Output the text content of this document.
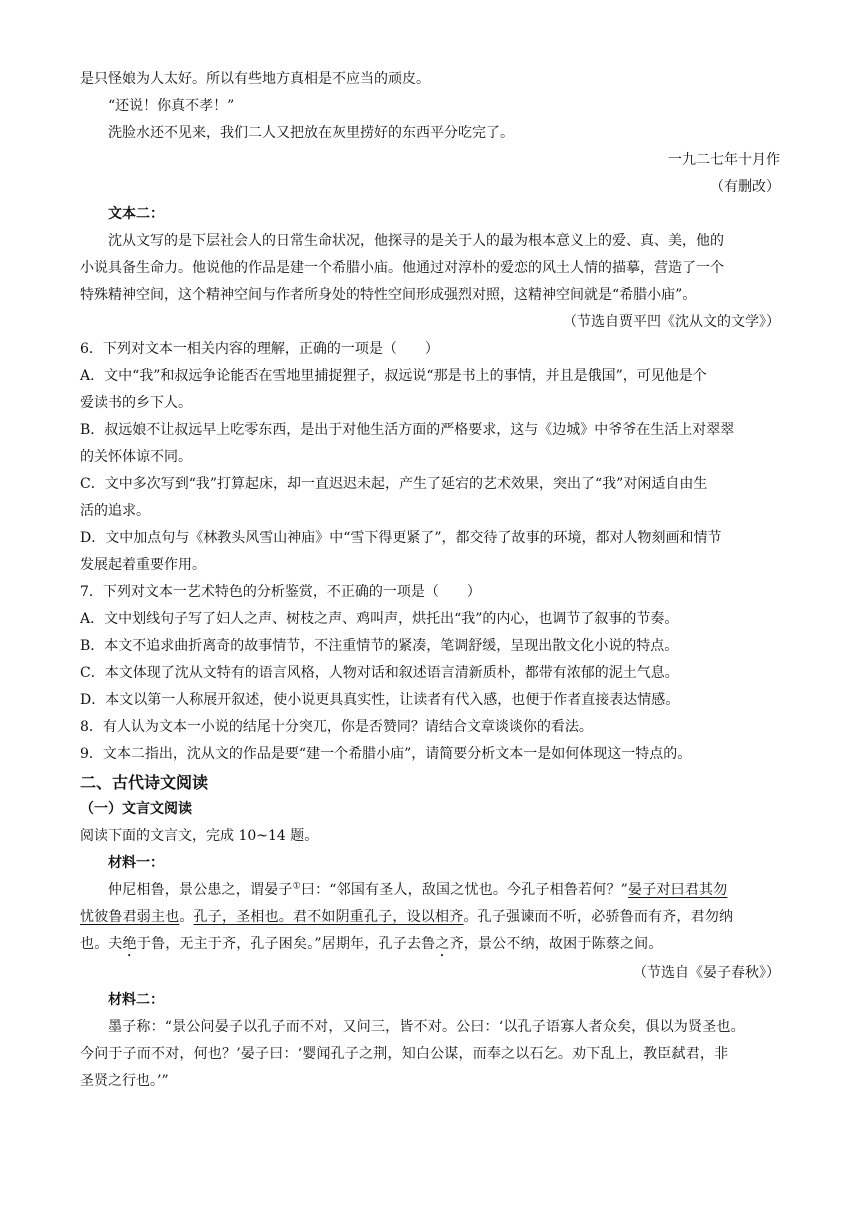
是只怪娘为人太好。所以有些地方真相是不应当的顽皮。

“还说！你真不孝！”

洗脸水还不见来，我们二人又把放在灰里捞好的东西平分吃完了。

一九二七年十月作

（有删改）

文本二：

沈从文写的是下层社会人的日常生命状况，他探寻的是关于人的最为根本意义上的爱、真、美，他的

小说具备生命力。他说他的作品是建一个希腊小庙。他通过对淳朴的爱恋的风土人情的描摹，营造了一个

特殊精神空间，这个精神空间与作者所身处的特性空间形成强烈对照，这精神空间就是“希腊小庙”。

（节选自贾平凹《沈从文的文学》）

6．下列对文本一相关内容的理解，正确的一项是（　　）

A．文中“我”和叔远争论能否在雪地里捕捉狸子，叔远说“那是书上的事情，并且是俄国”，可见他是个

爱读书的乡下人。

B．叔远娘不让叔远早上吃零东西，是出于对他生活方面的严格要求，这与《边城》中爷爷在生活上对翠翠

的关怀体谅不同。

C．文中多次写到“我”打算起床，却一直迟迟未起，产生了延宕的艺术效果，突出了“我”对闲适自由生

活的追求。

D．文中加点句与《林教头风雪山神庙》中“雪下得更紧了”，都交待了故事的环境，都对人物刻画和情节

发展起着重要作用。

7．下列对文本一艺术特色的分析鉴赏，不正确的一项是（　　）

A．文中划线句子写了妇人之声、树枝之声、鸡叫声，烘托出“我”的内心，也调节了叙事的节奏。

B．本文不追求曲折离奇的故事情节，不注重情节的紧凑，笔调舒缓，呈现出散文化小说的特点。

C．本文体现了沈从文特有的语言风格，人物对话和叙述语言清新质朴，都带有浓郁的泥土气息。

D．本文以第一人称展开叙述，使小说更具真实性，让读者有代入感，也便于作者直接表达情感。

8．有人认为文本一小说的结尾十分突兀，你是否赞同？请结合文章谈谈你的看法。

9．文本二指出，沈从文的作品是要“建一个希腊小庙”，请简要分析文本一是如何体现这一特点的。

二、古代诗文阅读

（一）文言文阅读

阅读下面的文言文，完成 10~14 题。

材料一：

仲尼相鲁，景公患之，谓晏子①曰：“邻国有圣人，敌国之忧也。今孔子相鲁若何？”晏子对曰君其勿

忧彼鲁君弱主也。孔子，圣相也。君不如阴重孔子，设以相齐。孔子强谏而不听，必骄鲁而有齐，君勿纳

也。夫绝于鲁，无主于齐，孔子困矣。”居期年，孔子去鲁之齐，景公不纳，故困于陈蔡之间。

（节选自《晏子春秋》）

材料二：

墨子称：“景公问晏子以孔子而不对，又问三，皆不对。公曰：‘以孔子语寡人者众矣，俱以为贤圣也。

今问于子而不对，何也？’晏子曰：‘婴闻孔子之荆，知白公谋，而奉之以石乞。劝下乱上，教臣弑君，非

圣贤之行也。’”
